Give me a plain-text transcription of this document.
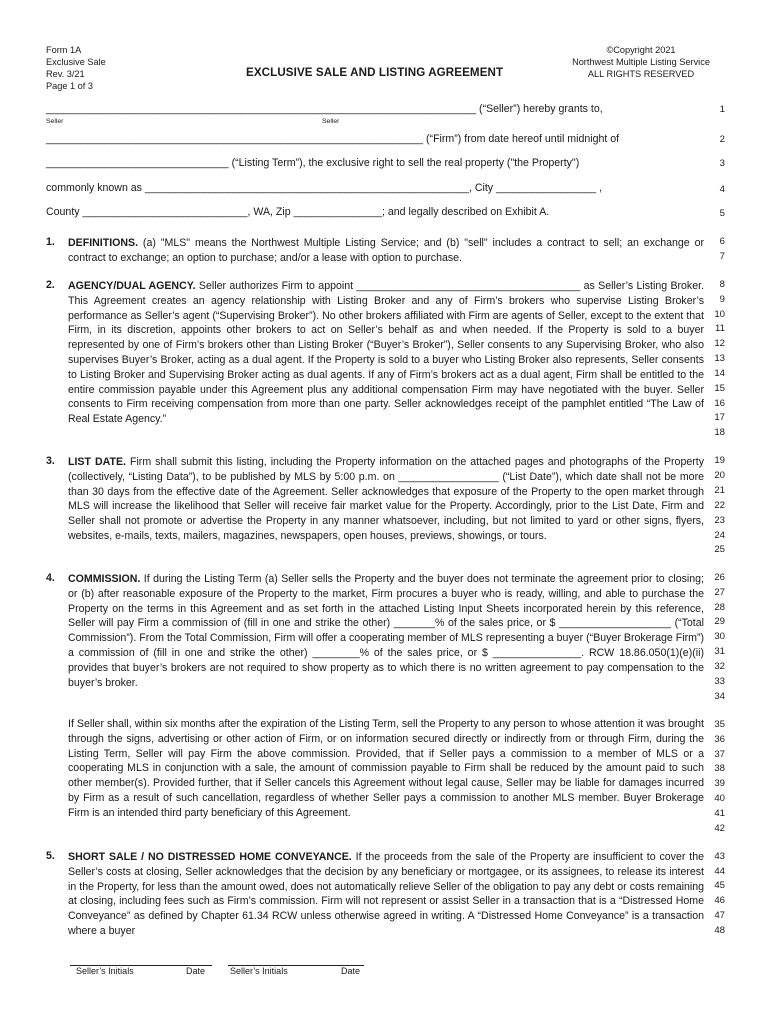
Form 1A
Exclusive Sale
Rev. 3/21
Page 1 of 3
EXCLUSIVE SALE AND LISTING AGREEMENT
©Copyright 2021
Northwest Multiple Listing Service
ALL RIGHTS RESERVED
_________________________________________________________________________ (“Seller”) hereby grants to,
Seller	Seller
________________________________________________________________ (“Firm”) from date hereof until midnight of
_______________________________ (“Listing Term”), the exclusive right to sell the real property ("the Property")
commonly known as _______________________________________________________, City _________________ ,
County ____________________________, WA, Zip _______________; and legally described on Exhibit A.
1. DEFINITIONS. (a) "MLS" means the Northwest Multiple Listing Service; and (b) "sell" includes a contract to sell; an exchange or contract to exchange; an option to purchase; and/or a lease with option to purchase.
2. AGENCY/DUAL AGENCY. Seller authorizes Firm to appoint ______________________________________ as Seller’s Listing Broker. This Agreement creates an agency relationship with Listing Broker and any of Firm’s brokers who supervise Listing Broker’s performance as Seller’s agent (“Supervising Broker”). No other brokers affiliated with Firm are agents of Seller, except to the extent that Firm, in its discretion, appoints other brokers to act on Seller’s behalf as and when needed. If the Property is sold to a buyer represented by one of Firm’s brokers other than Listing Broker (“Buyer’s Broker”), Seller consents to any Supervising Broker, who also supervises Buyer’s Broker, acting as a dual agent. If the Property is sold to a buyer who Listing Broker also represents, Seller consents to Listing Broker and Supervising Broker acting as dual agents. If any of Firm’s brokers act as a dual agent, Firm shall be entitled to the entire commission payable under this Agreement plus any additional compensation Firm may have negotiated with the buyer. Seller consents to Firm receiving compensation from more than one party. Seller acknowledges receipt of the pamphlet entitled “The Law of Real Estate Agency.”
3. LIST DATE. Firm shall submit this listing, including the Property information on the attached pages and photographs of the Property (collectively, “Listing Data”), to be published by MLS by 5:00 p.m. on _________________ (“List Date”), which date shall not be more than 30 days from the effective date of the Agreement. Seller acknowledges that exposure of the Property to the open market through MLS will increase the likelihood that Seller will receive fair market value for the Property. Accordingly, prior to the List Date, Firm and Seller shall not promote or advertise the Property in any manner whatsoever, including, but not limited to yard or other signs, flyers, websites, e-mails, texts, mailers, magazines, newspapers, open houses, previews, showings, or tours.
4. COMMISSION. If during the Listing Term (a) Seller sells the Property and the buyer does not terminate the agreement prior to closing; or (b) after reasonable exposure of the Property to the market, Firm procures a buyer who is ready, willing, and able to purchase the Property on the terms in this Agreement and as set forth in the attached Listing Input Sheets incorporated herein by this reference, Seller will pay Firm a commission of (fill in one and strike the other) _______% of the sales price, or $ ___________________ (“Total Commission”). From the Total Commission, Firm will offer a cooperating member of MLS representing a buyer (“Buyer Brokerage Firm”) a commission of (fill in one and strike the other) ________% of the sales price, or $ _______________. RCW 18.86.050(1)(e)(ii) provides that buyer’s brokers are not required to show property as to which there is no written agreement to pay compensation to the buyer’s broker.
If Seller shall, within six months after the expiration of the Listing Term, sell the Property to any person to whose attention it was brought through the signs, advertising or other action of Firm, or on information secured directly or indirectly from or through Firm, during the Listing Term, Seller will pay Firm the above commission. Provided, that if Seller pays a commission to a member of MLS or a cooperating MLS in conjunction with a sale, the amount of commission payable to Firm shall be reduced by the amount paid to such other member(s). Provided further, that if Seller cancels this Agreement without legal cause, Seller may be liable for damages incurred by Firm as a result of such cancellation, regardless of whether Seller pays a commission to another MLS member. Buyer Brokerage Firm is an intended third party beneficiary of this Agreement.
5. SHORT SALE / NO DISTRESSED HOME CONVEYANCE. If the proceeds from the sale of the Property are insufficient to cover the Seller’s costs at closing, Seller acknowledges that the decision by any beneficiary or mortgagee, or its assignees, to release its interest in the Property, for less than the amount owed, does not automatically relieve Seller of the obligation to pay any debt or costs remaining at closing, including fees such as Firm’s commission. Firm will not represent or assist Seller in a transaction that is a “Distressed Home Conveyance” as defined by Chapter 61.34 RCW unless otherwise agreed in writing. A “Distressed Home Conveyance” is a transaction where a buyer
1
2
3
4
5
6
7
8
9
10
11
12
13
14
15
16
17
18
19
20
21
22
23
24
25
26
27
28
29
30
31
32
33
34
35
36
37
38
39
40
41
42
43
44
45
46
47
48
Seller’s Initials	Date	Seller’s Initials	Date
